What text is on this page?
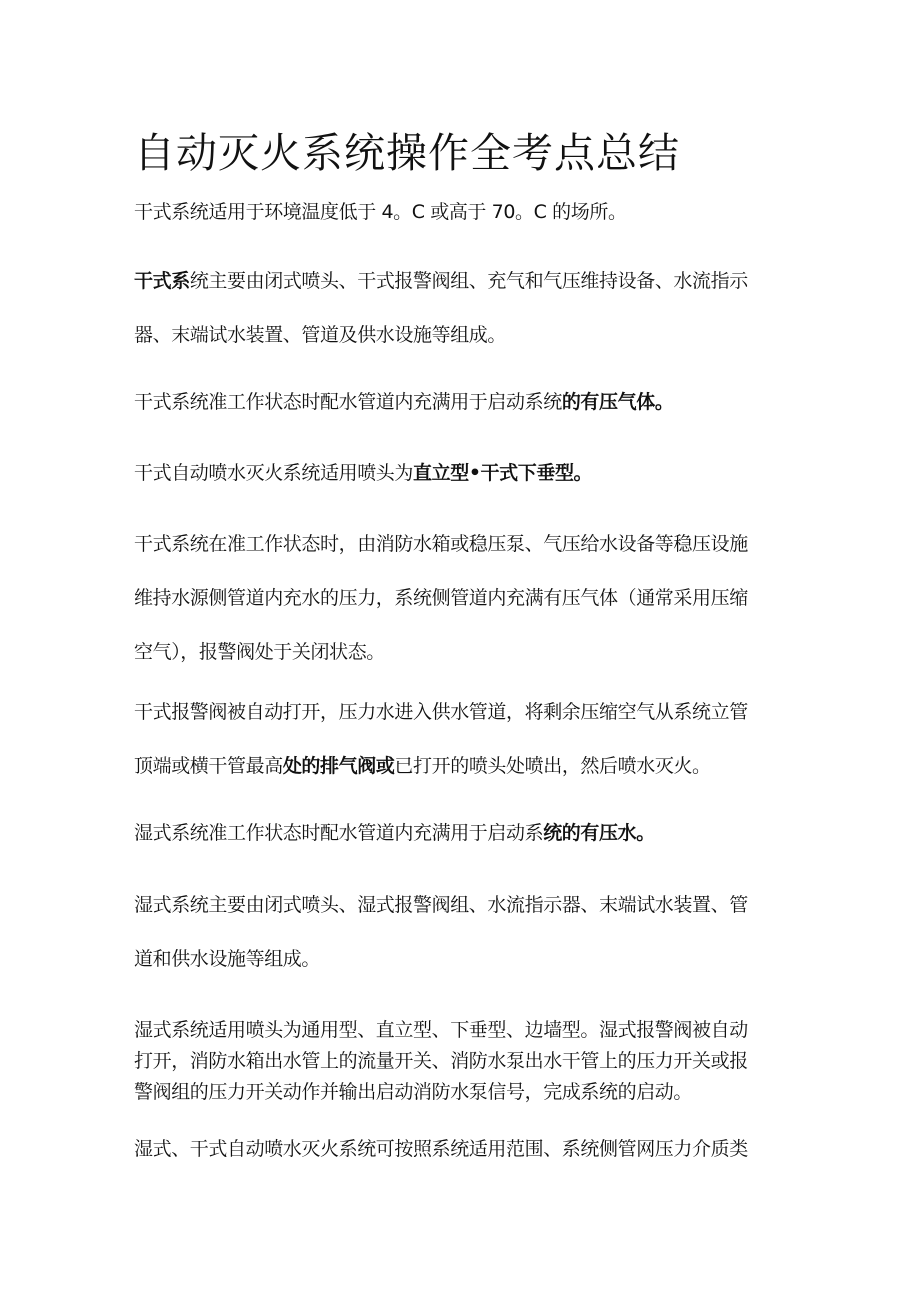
自动灭火系统操作全考点总结

干式系统适用于环境温度低于 4。C 或高于 70。C 的场所。

干式系统主要由闭式喷头、干式报警阀组、充气和气压维持设备、水流指示
器、末端试水装置、管道及供水设施等组成。

干式系统准工作状态时配水管道内充满用于启动系统的有压气体。

干式自动喷水灭火系统适用喷头为直立型•干式下垂型。

干式系统在准工作状态时，由消防水箱或稳压泵、气压给水设备等稳压设施
维持水源侧管道内充水的压力，系统侧管道内充满有压气体（通常采用压缩
空气），报警阀处于关闭状态。

干式报警阀被自动打开，压力水进入供水管道，将剩余压缩空气从系统立管
顶端或横干管最高处的排气阀或已打开的喷头处喷出，然后喷水灭火。

湿式系统准工作状态时配水管道内充满用于启动系统的有压水。

湿式系统主要由闭式喷头、湿式报警阀组、水流指示器、末端试水装置、管
道和供水设施等组成。

湿式系统适用喷头为通用型、直立型、下垂型、边墙型。湿式报警阀被自动
打开，消防水箱出水管上的流量开关、消防水泵出水干管上的压力开关或报
警阀组的压力开关动作并输出启动消防水泵信号，完成系统的启动。

湿式、干式自动喷水灭火系统可按照系统适用范围、系统侧管网压力介质类
